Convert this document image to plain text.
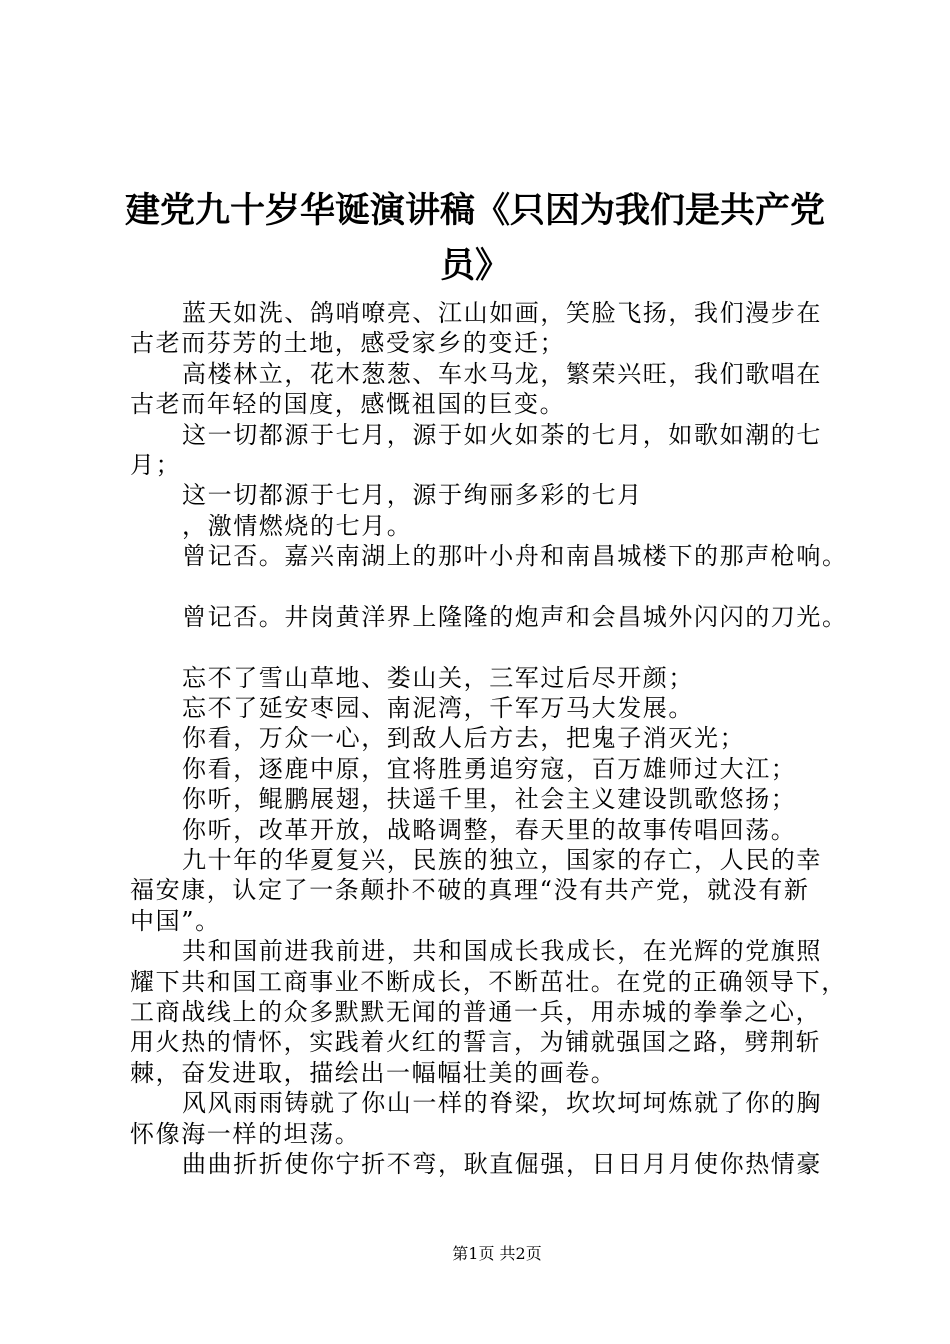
建党九十岁华诞演讲稿《只因为我们是共产党
员》
蓝天如洗、鸽哨嘹亮、江山如画，笑脸飞扬，我们漫步在
古老而芬芳的土地，感受家乡的变迁；
高楼林立，花木葱葱、车水马龙，繁荣兴旺，我们歌唱在
古老而年轻的国度，感慨祖国的巨变。
这一切都源于七月，源于如火如荼的七月，如歌如潮的七
月；
这一切都源于七月，源于绚丽多彩的七月
，激情燃烧的七月。
曾记否。嘉兴南湖上的那叶小舟和南昌城楼下的那声枪响。
曾记否。井岗黄洋界上隆隆的炮声和会昌城外闪闪的刀光。
忘不了雪山草地、娄山关，三军过后尽开颜；
忘不了延安枣园、南泥湾，千军万马大发展。
你看，万众一心，到敌人后方去，把鬼子消灭光；
你看，逐鹿中原，宜将胜勇追穷寇，百万雄师过大江；
你听，鲲鹏展翅，扶遥千里，社会主义建设凯歌悠扬；
你听，改革开放，战略调整，春天里的故事传唱回荡。
九十年的华夏复兴，民族的独立，国家的存亡，人民的幸
福安康，认定了一条颠扑不破的真理“没有共产党，就没有新
中国”。
共和国前进我前进，共和国成长我成长，在光辉的党旗照
耀下共和国工商事业不断成长，不断茁壮。在党的正确领导下，
工商战线上的众多默默无闻的普通一兵，用赤城的拳拳之心，
用火热的情怀，实践着火红的誓言，为铺就强国之路，劈荆斩
棘，奋发进取，描绘出一幅幅壮美的画卷。
风风雨雨铸就了你山一样的脊梁，坎坎坷坷炼就了你的胸
怀像海一样的坦荡。
曲曲折折使你宁折不弯，耿直倔强，日日月月使你热情豪
第1页 共2页
